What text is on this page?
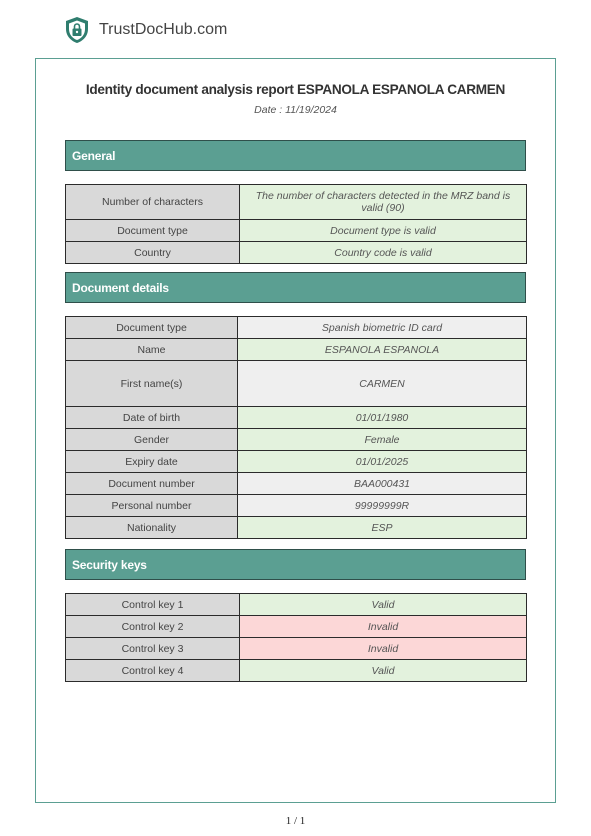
TrustDocHub.com
Identity document analysis report ESPANOLA ESPANOLA CARMEN
Date : 11/19/2024
General
Number of characters	The number of characters detected in the MRZ band is valid (90)
Document type	Document type is valid
Country	Country code is valid
Document details
Document type	Spanish biometric ID card
Name	ESPANOLA ESPANOLA
First name(s)	CARMEN
Date of birth	01/01/1980
Gender	Female
Expiry date	01/01/2025
Document number	BAA000431
Personal number	99999999R
Nationality	ESP
Security keys
Control key 1	Valid
Control key 2	Invalid
Control key 3	Invalid
Control key 4	Valid
1 / 1
